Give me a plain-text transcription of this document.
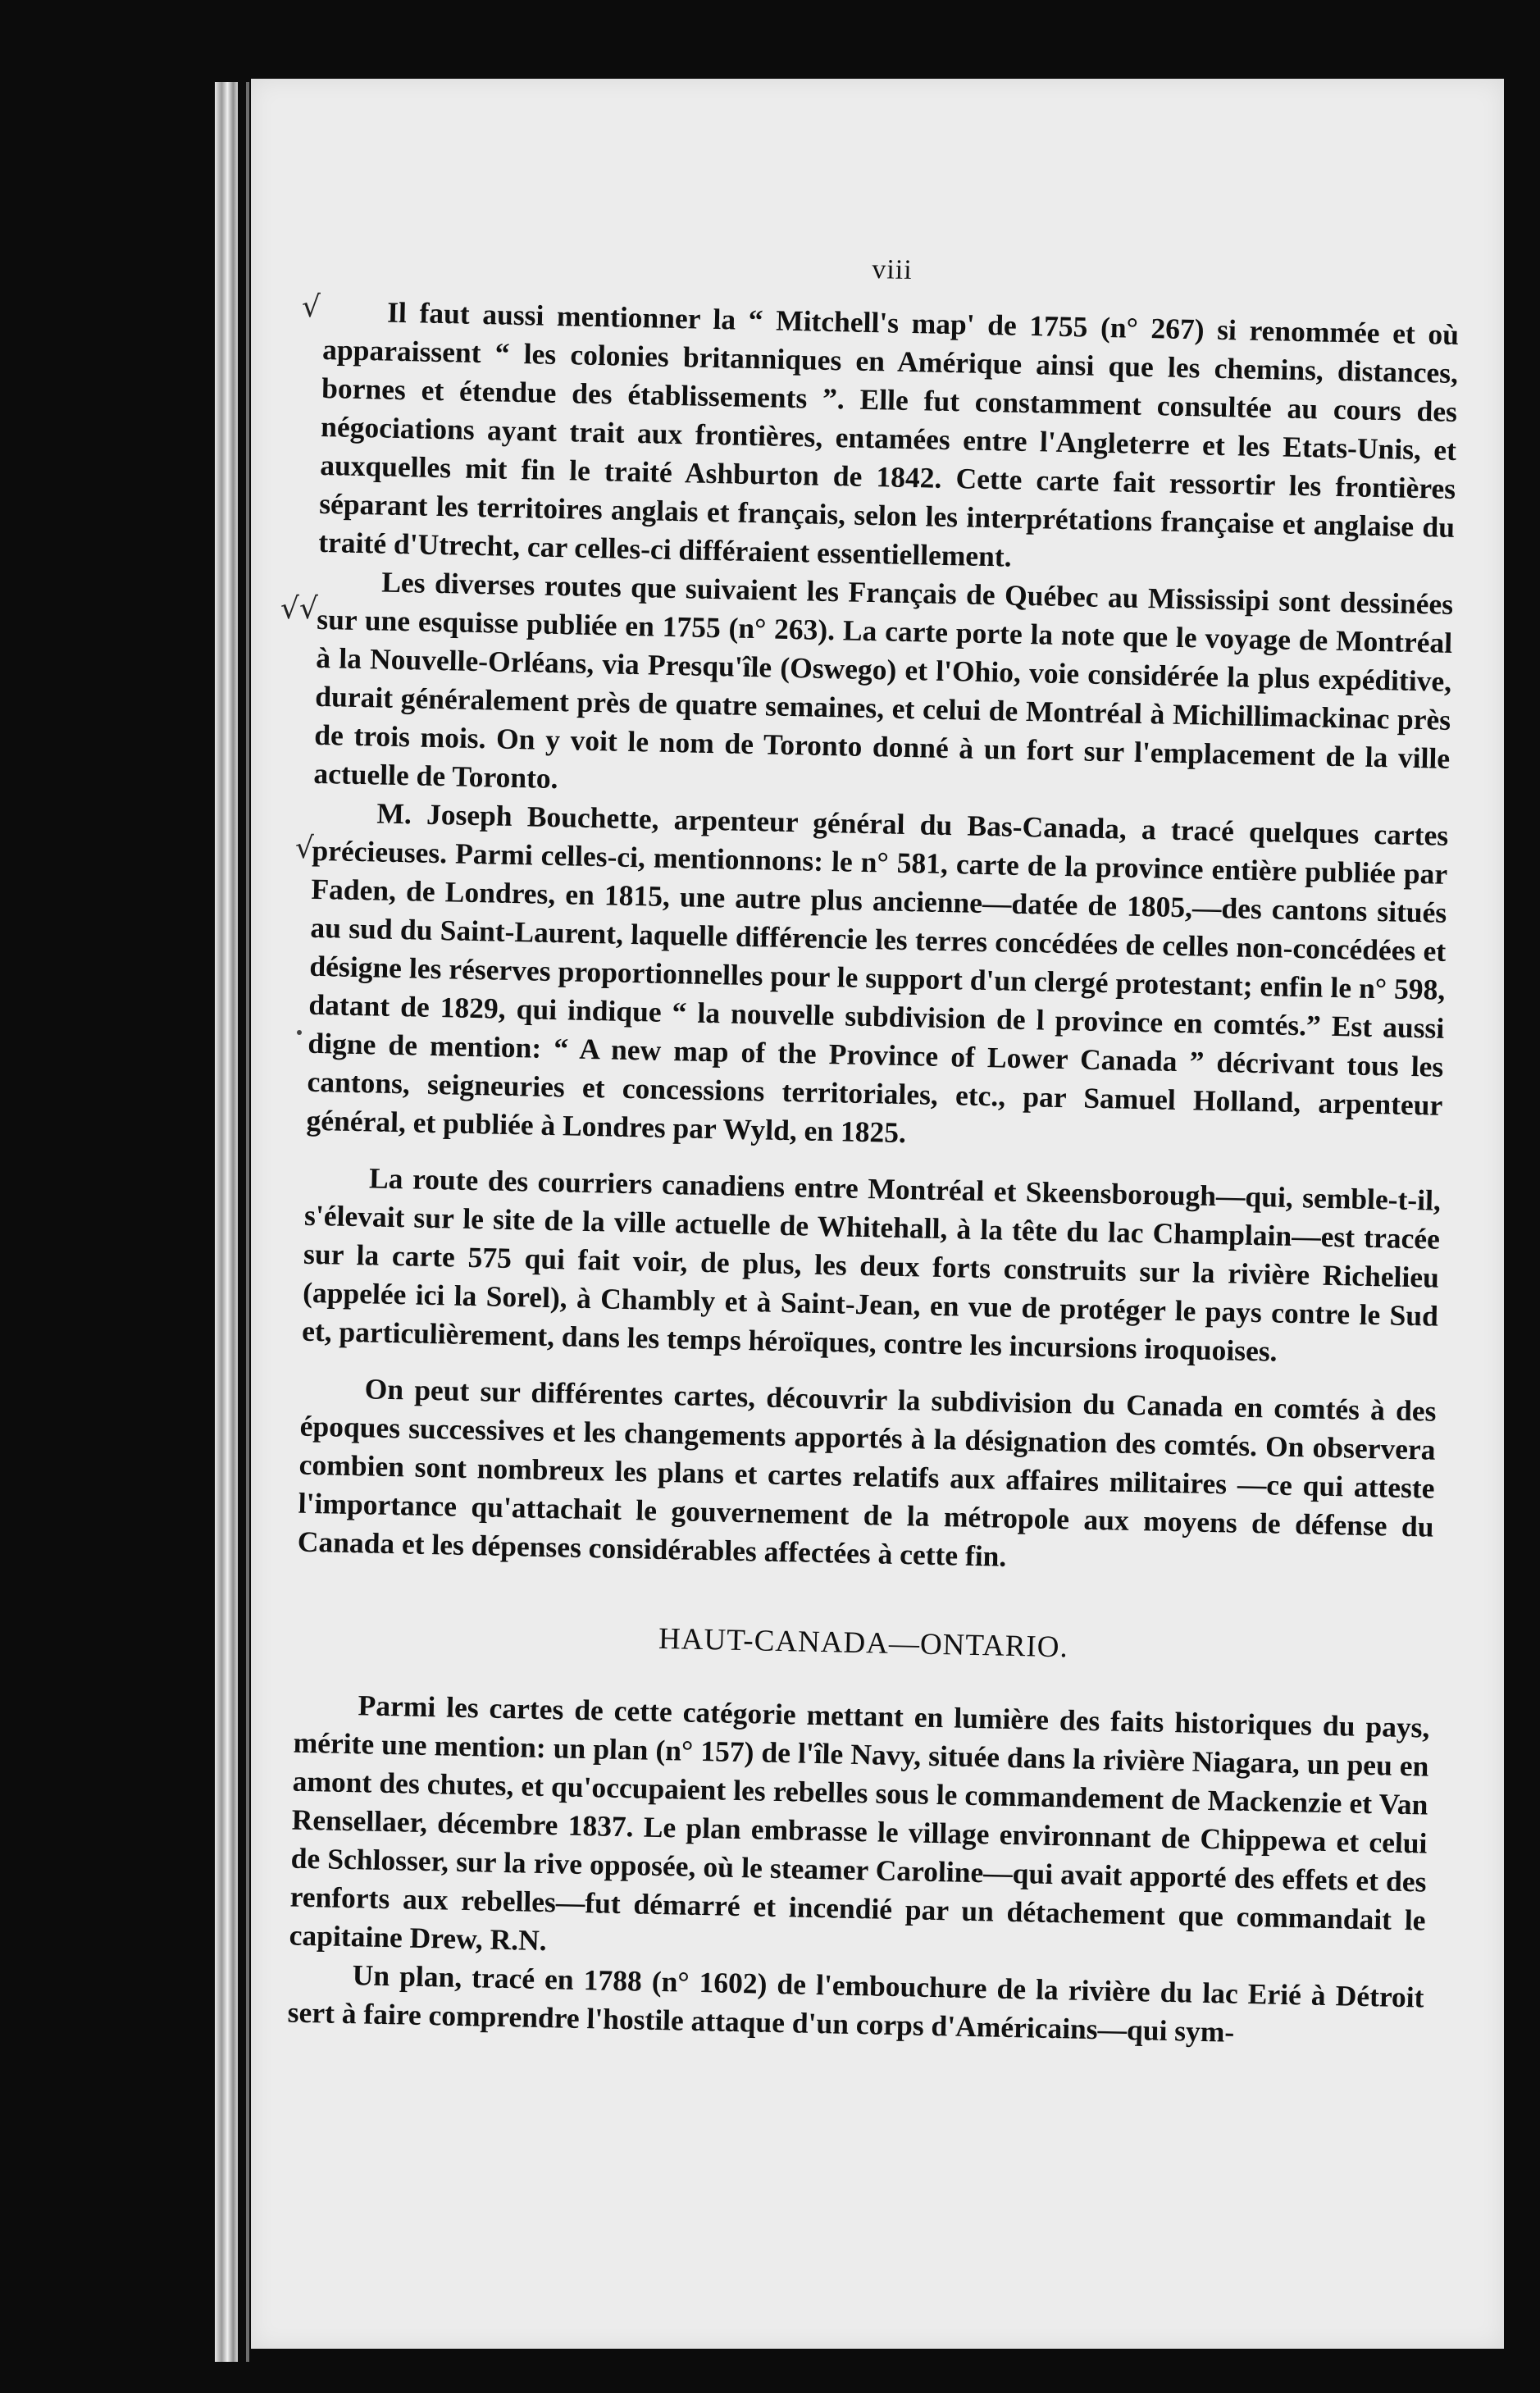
√
√√
√
viii

Il faut aussi mentionner la “ Mitchell's map' de 1755 (n° 267) si renommée et où apparaissent “ les colonies britanniques en Amérique ainsi que les chemins, distances, bornes et étendue des établissements ”. Elle fut constamment consultée au cours des négociations ayant trait aux frontières, entamées entre l'Angleterre et les Etats-Unis, et auxquelles mit fin le traité Ashburton de 1842. Cette carte fait ressortir les frontières séparant les territoires anglais et français, selon les interprétations française et anglaise du traité d'Utrecht, car celles-ci différaient essentiellement.

Les diverses routes que suivaient les Français de Québec au Mississipi sont dessinées sur une esquisse publiée en 1755 (n° 263). La carte porte la note que le voyage de Montréal à la Nouvelle-Orléans, via Presqu'île (Oswego) et l'Ohio, voie considérée la plus expéditive, durait généralement près de quatre semaines, et celui de Montréal à Michillimackinac près de trois mois. On y voit le nom de Toronto donné à un fort sur l'emplacement de la ville actuelle de Toronto.

M. Joseph Bouchette, arpenteur général du Bas-Canada, a tracé quelques cartes précieuses. Parmi celles-ci, mentionnons: le n° 581, carte de la province entière publiée par Faden, de Londres, en 1815, une autre plus ancienne—datée de 1805,—des cantons situés au sud du Saint-Laurent, laquelle différencie les terres concédées de celles non-concédées et désigne les réserves proportionnelles pour le support d'un clergé protestant; enfin le n° 598, datant de 1829, qui indique “ la nouvelle subdivision de l province en comtés.” Est aussi digne de mention: “ A new map of the Province of Lower Canada ” décrivant tous les cantons, seigneuries et concessions territoriales, etc., par Samuel Holland, arpenteur général, et publiée à Londres par Wyld, en 1825.

La route des courriers canadiens entre Montréal et Skeensborough—qui, semble-t-il, s'élevait sur le site de la ville actuelle de Whitehall, à la tête du lac Champlain—est tracée sur la carte 575 qui fait voir, de plus, les deux forts construits sur la rivière Richelieu (appelée ici la Sorel), à Chambly et à Saint-Jean, en vue de protéger le pays contre le Sud et, particulièrement, dans les temps héroïques, contre les incursions iroquoises.

On peut sur différentes cartes, découvrir la subdivision du Canada en comtés à des époques successives et les changements apportés à la désignation des comtés. On observera combien sont nombreux les plans et cartes relatifs aux affaires militaires —ce qui atteste l'importance qu'attachait le gouvernement de la métropole aux moyens de défense du Canada et les dépenses considérables affectées à cette fin.

HAUT-CANADA—ONTARIO.

Parmi les cartes de cette catégorie mettant en lumière des faits historiques du pays, mérite une mention: un plan (n° 157) de l'île Navy, située dans la rivière Niagara, un peu en amont des chutes, et qu'occupaient les rebelles sous le commandement de Mackenzie et Van Rensellaer, décembre 1837. Le plan embrasse le village environnant de Chippewa et celui de Schlosser, sur la rive opposée, où le steamer Caroline—qui avait apporté des effets et des renforts aux rebelles—fut démarré et incendié par un détachement que commandait le capitaine Drew, R.N.

Un plan, tracé en 1788 (n° 1602) de l'embouchure de la rivière du lac Erié à Détroit sert à faire comprendre l'hostile attaque d'un corps d'Américains—qui sym-
